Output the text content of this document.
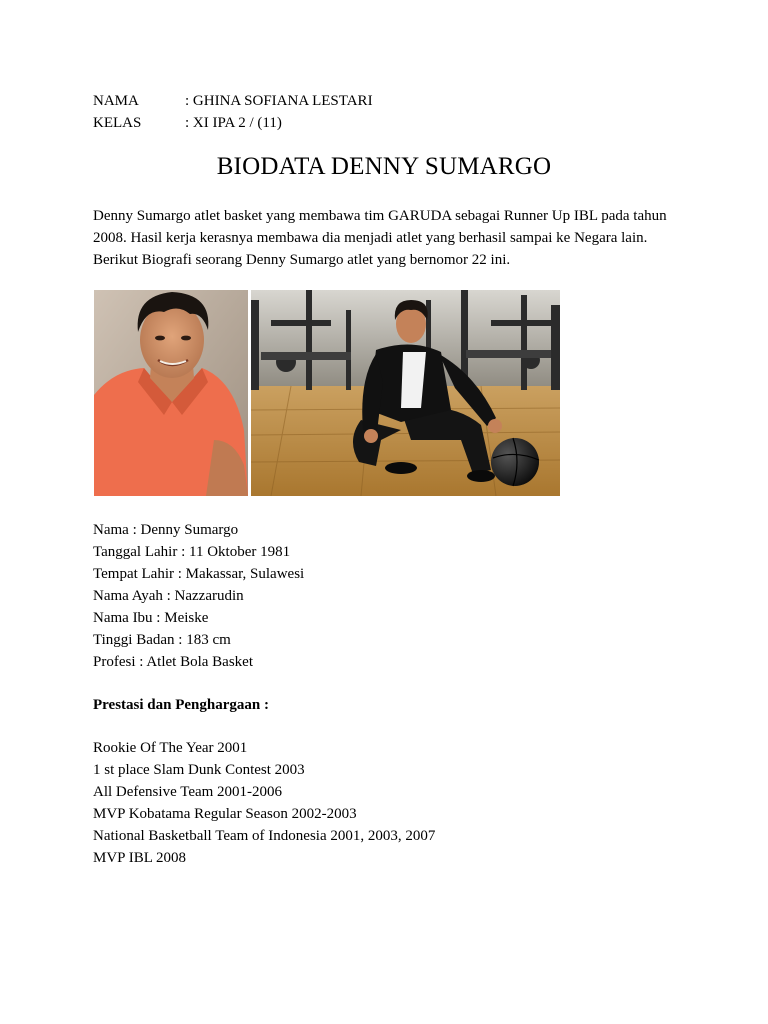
NAMA	: GHINA SOFIANA LESTARI
KELAS	: XI IPA 2 / (11)
BIODATA DENNY SUMARGO
Denny Sumargo atlet basket yang membawa tim GARUDA sebagai Runner Up IBL pada tahun 2008. Hasil kerja kerasnya membawa dia menjadi atlet yang berhasil sampai ke Negara lain. Berikut Biografi seorang Denny Sumargo atlet yang bernomor 22 ini.
Nama : Denny Sumargo
Tanggal Lahir : 11 Oktober 1981
Tempat Lahir : Makassar, Sulawesi
Nama Ayah : Nazzarudin
Nama Ibu : Meiske
Tinggi Badan : 183 cm
Profesi : Atlet Bola Basket
Prestasi dan Penghargaan :
Rookie Of The Year 2001
1 st place Slam Dunk Contest 2003
All Defensive Team 2001-2006
MVP Kobatama Regular Season 2002-2003
National Basketball Team of Indonesia 2001, 2003, 2007
MVP IBL 2008
